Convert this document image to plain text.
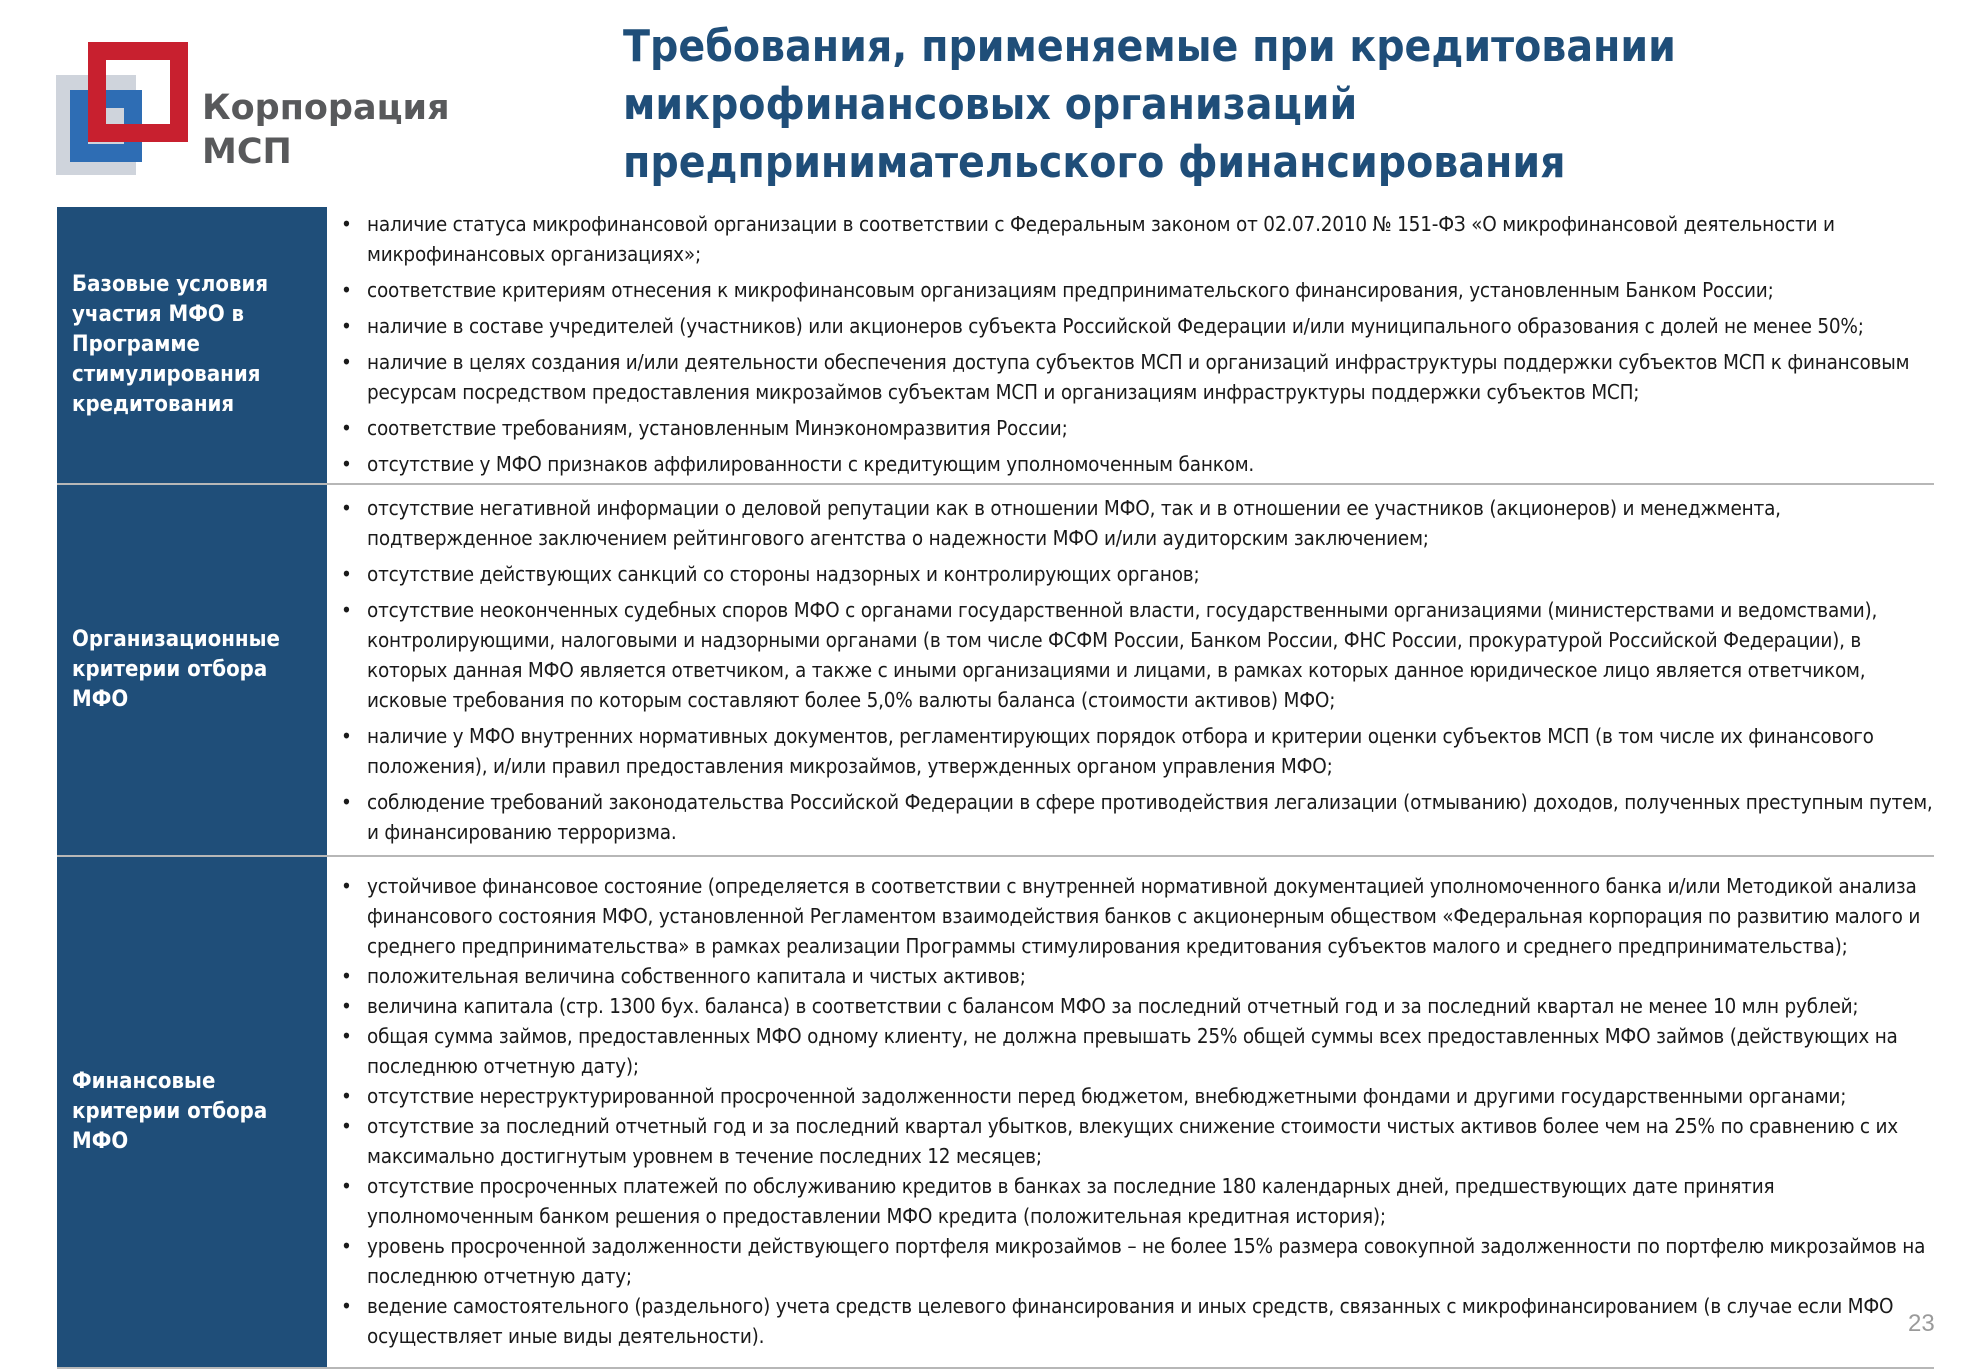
Корпорация
МСП
Требования, применяемые при кредитовании
микрофинансовых организаций
предпринимательского финансирования
Базовые условия участия МФО в Программе стимулирования кредитования
• наличие статуса микрофинансовой организации в соответствии с Федеральным законом от 02.07.2010 № 151-ФЗ «О микрофинансовой деятельности и микрофинансовых организациях»;
• соответствие критериям отнесения к микрофинансовым организациям предпринимательского финансирования, установленным Банком России;
• наличие в составе учредителей (участников) или акционеров субъекта Российской Федерации и/или муниципального образования с долей не менее 50%;
• наличие в целях создания и/или деятельности обеспечения доступа субъектов МСП и организаций инфраструктуры поддержки субъектов МСП к финансовым ресурсам посредством предоставления микрозаймов субъектам МСП и организациям инфраструктуры поддержки субъектов МСП;
• соответствие требованиям, установленным Минэкономразвития России;
• отсутствие у МФО признаков аффилированности с кредитующим уполномоченным банком.
Организационные критерии отбора МФО
• отсутствие негативной информации о деловой репутации как в отношении МФО, так и в отношении ее участников (акционеров) и менеджмента, подтвержденное заключением рейтингового агентства о надежности МФО и/или аудиторским заключением;
• отсутствие действующих санкций со стороны надзорных и контролирующих органов;
• отсутствие неоконченных судебных споров МФО с органами государственной власти, государственными организациями (министерствами и ведомствами), контролирующими, налоговыми и надзорными органами (в том числе ФСФМ России, Банком России, ФНС России, прокуратурой Российской Федерации), в которых данная МФО является ответчиком, а также с иными организациями и лицами, в рамках которых данное юридическое лицо является ответчиком, исковые требования по которым составляют более 5,0% валюты баланса (стоимости активов) МФО;
• наличие у МФО внутренних нормативных документов, регламентирующих порядок отбора и критерии оценки субъектов МСП (в том числе их финансового положения), и/или правил предоставления микрозаймов, утвержденных органом управления МФО;
• соблюдение требований законодательства Российской Федерации в сфере противодействия легализации (отмыванию) доходов, полученных преступным путем, и финансированию терроризма.
Финансовые критерии отбора МФО
• устойчивое финансовое состояние (определяется в соответствии с внутренней нормативной документацией уполномоченного банка и/или Методикой анализа финансового состояния МФО, установленной Регламентом взаимодействия банков с акционерным обществом «Федеральная корпорация по развитию малого и среднего предпринимательства» в рамках реализации Программы стимулирования кредитования субъектов малого и среднего предпринимательства);
• положительная величина собственного капитала и чистых активов;
• величина капитала (стр. 1300 бух. баланса) в соответствии с балансом МФО за последний отчетный год и за последний квартал не менее 10 млн рублей;
• общая сумма займов, предоставленных МФО одному клиенту, не должна превышать 25% общей суммы всех предоставленных МФО займов (действующих на последнюю отчетную дату);
• отсутствие нереструктурированной просроченной задолженности перед бюджетом, внебюджетными фондами и другими государственными органами;
• отсутствие за последний отчетный год и за последний квартал убытков, влекущих снижение стоимости чистых активов более чем на 25% по сравнению с их максимально достигнутым уровнем в течение последних 12 месяцев;
• отсутствие просроченных платежей по обслуживанию кредитов в банках за последние 180 календарных дней, предшествующих дате принятия уполномоченным банком решения о предоставлении МФО кредита (положительная кредитная история);
• уровень просроченной задолженности действующего портфеля микрозаймов – не более 15% размера совокупной задолженности по портфелю микрозаймов на последнюю отчетную дату;
• ведение самостоятельного (раздельного) учета средств целевого финансирования и иных средств, связанных с микрофинансированием (в случае если МФО осуществляет иные виды деятельности).	23
